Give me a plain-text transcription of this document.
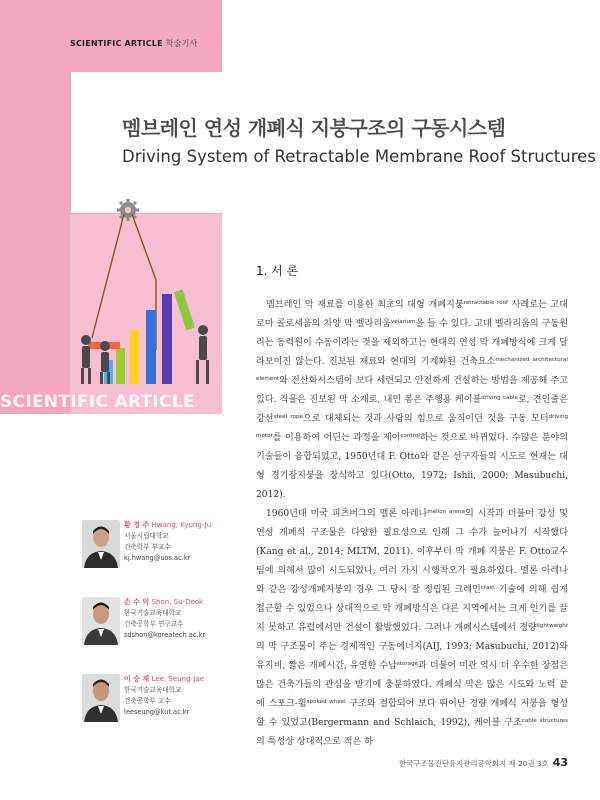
SCIENTIFIC ARTICLE 학술기사
멤브레인 연성 개폐식 지붕구조의 구동시스템
Driving System of Retractable Membrane Roof Structures
SCIENTIFIC ARTICLE
1. 서 론

멤브레인 막 재료를 이용한 최초의 대형 개폐지붕$^{retractable roof}$ 사례로는 고대 로마 콜로세움의 차양 막 벨라리움$^{velarium}$을 들 수 있다. 고대 벨라리움의 구동원리는 동력원이 수동이라는 것을 제외하고는 현대의 연성 막 개폐방식에 크게 달라보이진 않는다. 진보된 재료와 현대의 기계화된 건축요소$^{mechanized architectural element}$와 전산화시스템이 보다 세련되고 안전하게 건설하는 방법을 제공해 주고 있다. 직물은 진보된 막 소재로, 내민 봉은 주행용 케이블$^{driving cable}$로, 견인줄은 강선$^{steel rope}$으로 대체되는 것과 사람의 힘으로 움직이던 것을 구동 모터$^{driving motor}$를 이용하여 어딘는 과정을 제어$^{control}$하는 것으로 바뀌었다. 수많은 분야의 기술들이 융합되었고, 1950년대 F. Otto와 같은 선구자들의 시도로 현재는 대형 경기장지붕을 장식하고 있다(Otto, 1972; Ishii, 2000; Masubuchi, 2012).

1960년대 미국 피츠버그의 멜론 아레나$^{mellon arena}$의 시작과 더불어 강성 및 연성 개폐식 구조물은 다양한 필요성으로 인해 그 수가 늘어나기 시작했다(Kang et al., 2014; MLTM, 2011). 이후부터 막 개폐 지붕은 F. Otto교수 팀에 의해서 많이 시도되었나, 여러 가지 시행착오가 필요하였다. 멜론 아레나와 같은 강성개폐지붕의 경우 그 당시 잘 정립된 크레인$^{crain}$ 기술에 의해 쉽게 접근할 수 있었으나 상대적으로 막 개폐방식은 다른 지역에서는 크게 인기를 끌지 못하고 유럽에서만 건설이 활발했었다. 그러나 개폐시스템에서 경량$^{lightweight}$의 막 구조물이 주는 경제적인 구동에너지(AIJ, 1993; Masubuchi, 2012)와 유지비, 짧은 개폐시간, 유연한 수납$^{storage}$과 더불어 미관 역시 더 우수한 장점은 많은 건축가들의 관심을 받기에 충분하였다. 개폐식 막은 많은 시도와 노력 끝에 스포크-휠$^{spoked wheel}$ 구조와 결합되어 보다 뛰어난 경량 개폐식 지붕을 형성할 수 있었고(Bergermann and Schlaich, 1992), 케이블 구조$^{cable structures}$의 특성상 상대적으로 적은 하

황 경 주 Hwang, Kyung-Ju
서울시립대학교
건축학부 부교수
kj.hwang@uos.ac.kr
손 수 덕 Shon, Su-Deok
한국기술교육대학교
건축공학부 연구교수
sdshon@koreatech.ac.kr
이 승 재 Lee, Seung-Jae
한국기술교육대학교
건축공학부 교수
leeseung@kut.ac.kr
한국구조물진단유지관리공학회지 제 20권 3호 43
